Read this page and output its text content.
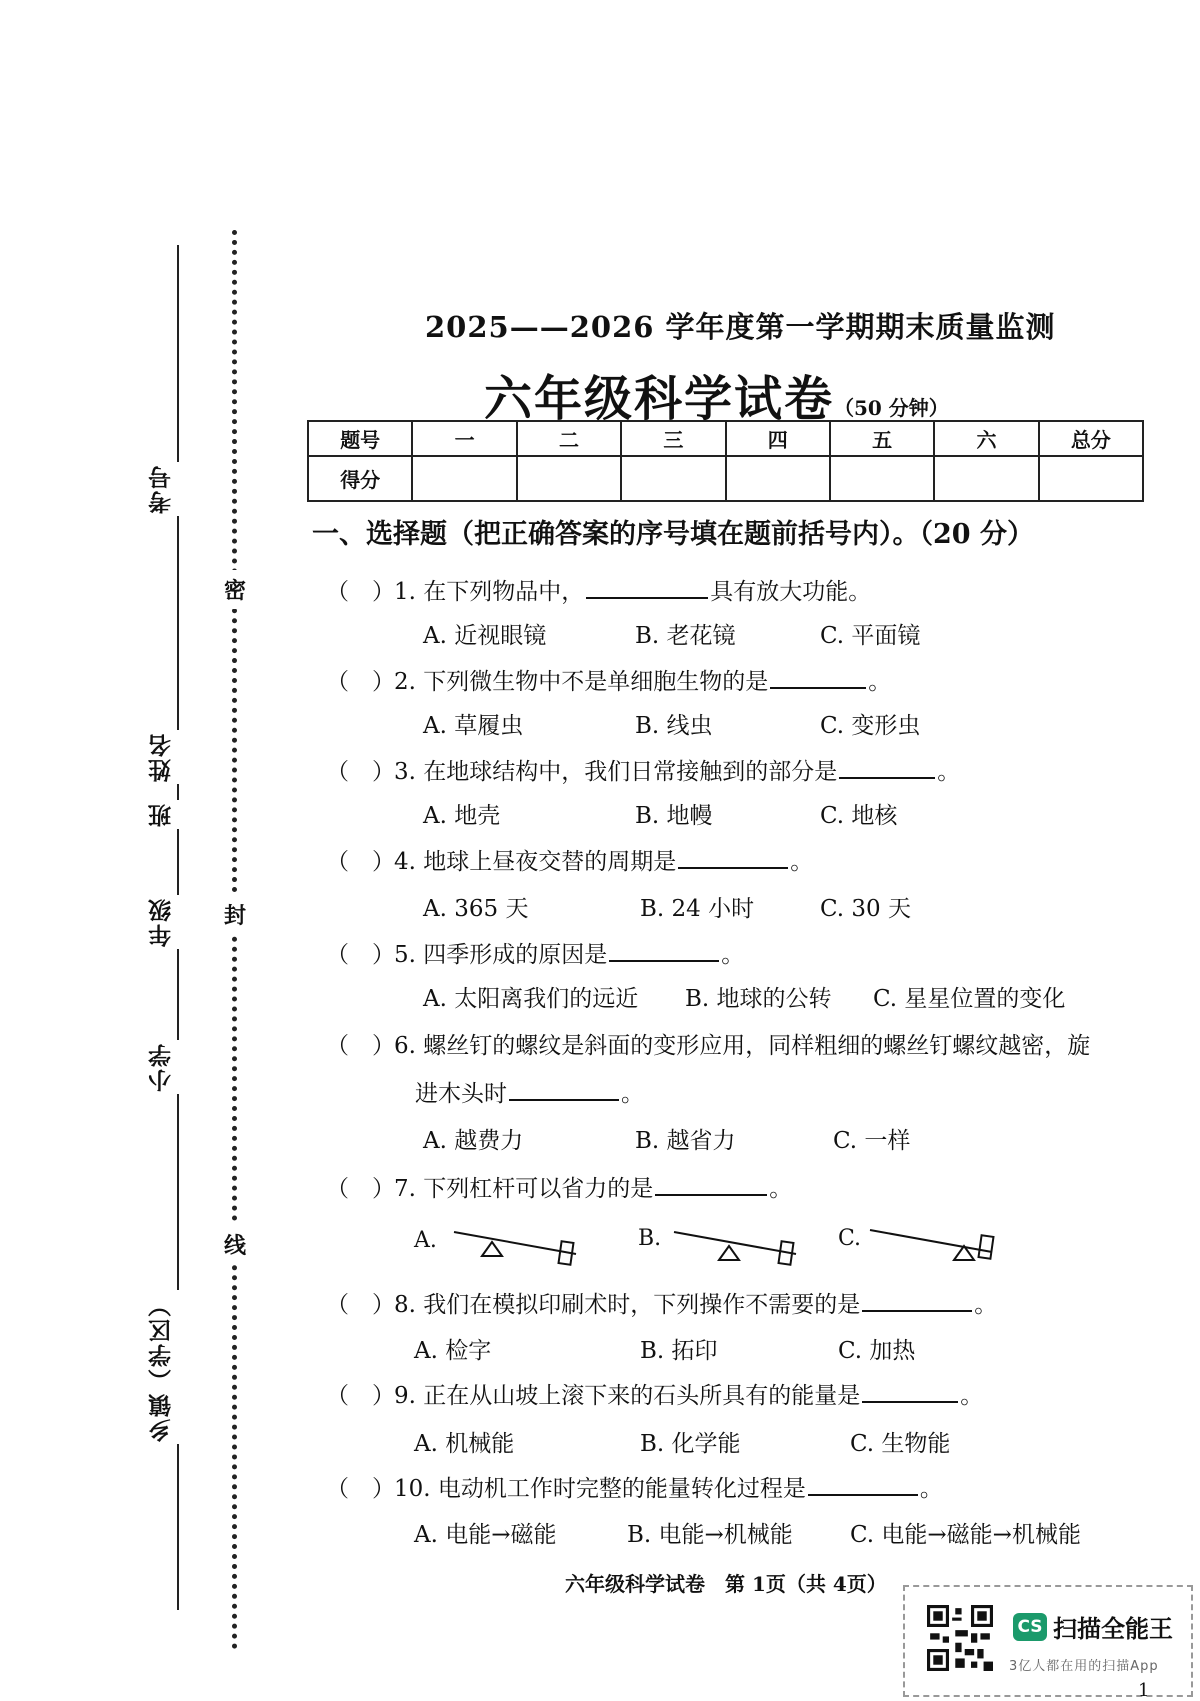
考号
姓名
班
年级
小学
乡镇（学区）
密
封
线
2025——2026 学年度第一学期期末质量监测
六年级科学试卷（50 分钟）
题号	一	二	三	四	五	六	总分
得分							
一、选择题（把正确答案的序号填在题前括号内）。（20 分）
（　 ）1. 在下列物品中，	具有放大功能。
A. 近视眼镜	B. 老花镜	C. 平面镜
（　 ）2. 下列微生物中不是单细胞生物的是	。
A. 草履虫	B. 线虫	C. 变形虫
（　 ）3. 在地球结构中，我们日常接触到的部分是	。
A. 地壳	B. 地幔	C. 地核
（　 ）4. 地球上昼夜交替的周期是	。
A. 365 天	B. 24 小时	C. 30 天
（　 ）5. 四季形成的原因是	。
A. 太阳离我们的远近 B. 地球的公转 C. 星星位置的变化
（　 ）6. 螺丝钉的螺纹是斜面的变形应用，同样粗细的螺丝钉螺纹越密，旋
进木头时	。
A. 越费力	B. 越省力	C. 一样
（　 ）7. 下列杠杆可以省力的是	。
A.	B.	C.
（　 ）8. 我们在模拟印刷术时，下列操作不需要的是	。
A. 检字	B. 拓印	C. 加热
（　 ）9. 正在从山坡上滚下来的石头所具有的能量是	。
A. 机械能	B. 化学能	C. 生物能
（　 ）10. 电动机工作时完整的能量转化过程是	。
A. 电能→磁能	B. 电能→机械能 C. 电能→磁能→机械能
六年级科学试卷　第 1页（共 4页）
CS 扫描全能王
3亿人都在用的扫描App
1
